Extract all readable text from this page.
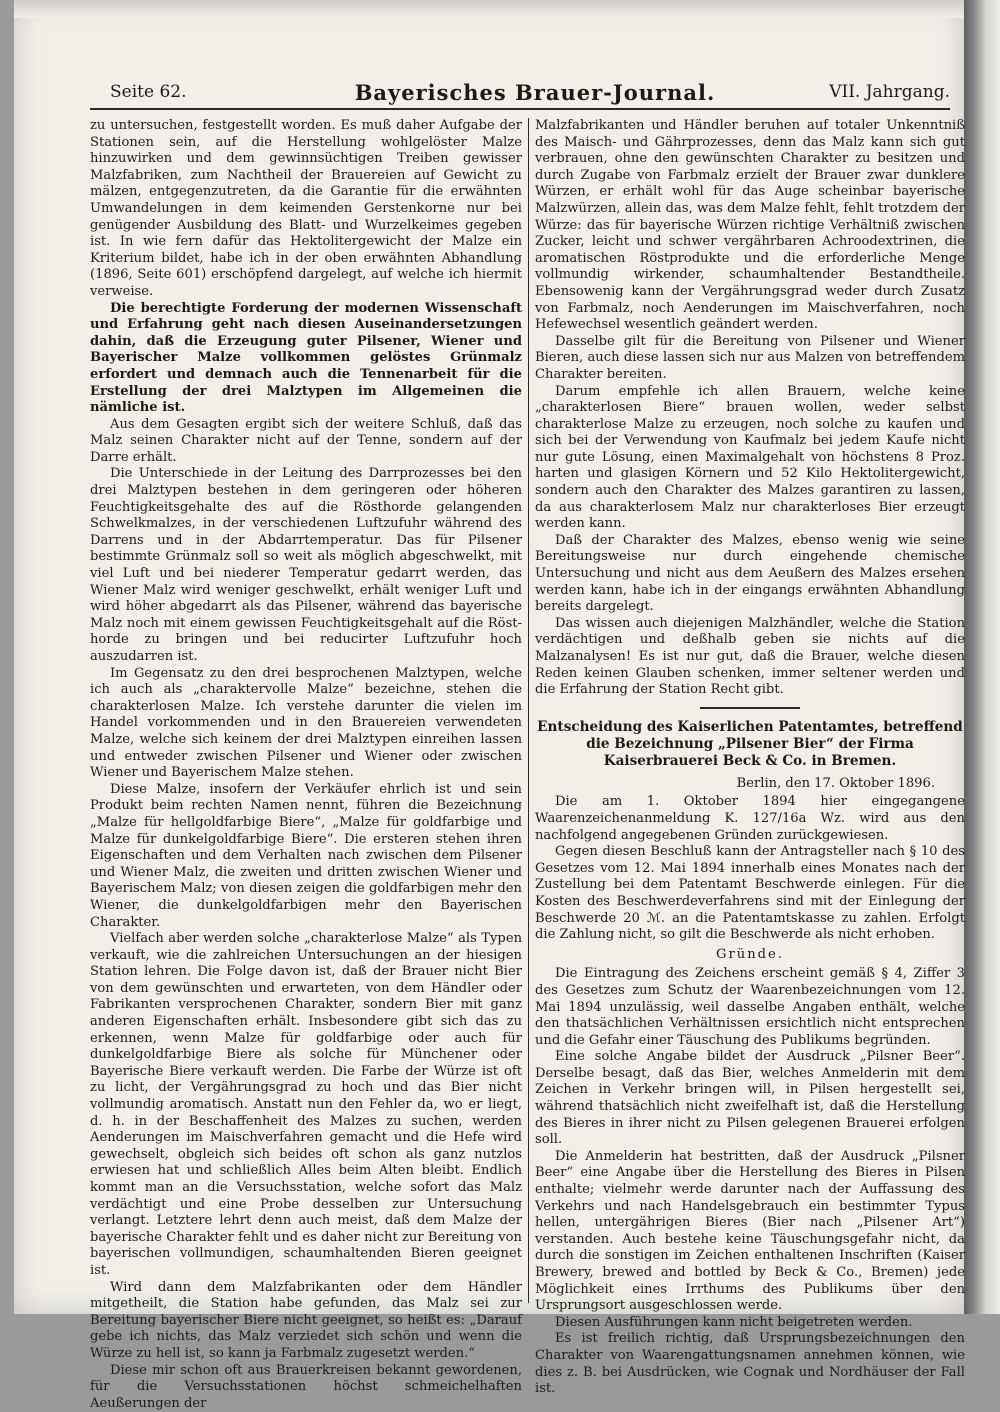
Seite 62.	Bayerisches Brauer-Journal.	VII. Jahrgang.

zu untersuchen, festgestellt worden. Es muß daher Aufgabe der Stationen sein, auf die Herstellung wohlgelöster Malze hinzuwirken und dem gewinnsüchtigen Treiben gewisser Malzfabriken, zum Nachtheil der Brauereien auf Gewicht zu mälzen, entgegenzutreten, da die Garantie für die erwähnten Umwandelungen in dem keimenden Gerstenkorne nur bei genügender Ausbildung des Blatt- und Wurzelkeimes gegeben ist. In wie fern dafür das Hektolitergewicht der Malze ein Kriterium bildet, habe ich in der oben erwähnten Abhandlung (1896, Seite 601) erschöpfend dargelegt, auf welche ich hiermit verweise.

Die berechtigte Forderung der modernen Wissenschaft und Erfahrung geht nach diesen Auseinandersetzungen dahin, daß die Erzeugung guter Pilsener, Wiener und Bayerischer Malze vollkommen gelöstes Grünmalz erfordert und demnach auch die Tennenarbeit für die Erstellung der drei Malztypen im Allgemeinen die nämliche ist.

Aus dem Gesagten ergibt sich der weitere Schluß, daß das Malz seinen Charakter nicht auf der Tenne, sondern auf der Darre erhält.

Die Unterschiede in der Leitung des Darrprozesses bei den drei Malztypen bestehen in dem geringeren oder höheren Feuchtigkeitsgehalte des auf die Rösthorde gelangenden Schwelkmalzes, in der verschiedenen Luftzufuhr während des Darrens und in der Abdarrtemperatur. Das für Pilsener bestimmte Grünmalz soll so weit als möglich abgeschwelkt, mit viel Luft und bei niederer Temperatur gedarrt werden, das Wiener Malz wird weniger geschwelkt, erhält weniger Luft und wird höher abgedarrt als das Pilsener, während das bayerische Malz noch mit einem gewissen Feuchtigkeitsgehalt auf die Rösthorde zu bringen und bei reducirter Luftzufuhr hoch auszudarren ist.

Im Gegensatz zu den drei besprochenen Malztypen, welche ich auch als „charaktervolle Malze“ bezeichne, stehen die charakterlosen Malze. Ich verstehe darunter die vielen im Handel vorkommenden und in den Brauereien verwendeten Malze, welche sich keinem der drei Malztypen einreihen lassen und entweder zwischen Pilsener und Wiener oder zwischen Wiener und Bayerischem Malze stehen.

Diese Malze, insofern der Verkäufer ehrlich ist und sein Produkt beim rechten Namen nennt, führen die Bezeichnung „Malze für hellgoldfarbige Biere“, „Malze für goldfarbige und Malze für dunkelgoldfarbige Biere“. Die ersteren stehen ihren Eigenschaften und dem Verhalten nach zwischen dem Pilsener und Wiener Malz, die zweiten und dritten zwischen Wiener und Bayerischem Malz; von diesen zeigen die goldfarbigen mehr den Wiener, die dunkelgoldfarbigen mehr den Bayerischen Charakter.

Vielfach aber werden solche „charakterlose Malze“ als Typen verkauft, wie die zahlreichen Untersuchungen an der hiesigen Station lehren. Die Folge davon ist, daß der Brauer nicht Bier von dem gewünschten und erwarteten, von dem Händler oder Fabrikanten versprochenen Charakter, sondern Bier mit ganz anderen Eigenschaften erhält. Insbesondere gibt sich das zu erkennen, wenn Malze für goldfarbige oder auch für dunkelgoldfarbige Biere als solche für Münchener oder Bayerische Biere verkauft werden. Die Farbe der Würze ist oft zu licht, der Vergährungsgrad zu hoch und das Bier nicht vollmundig aromatisch. Anstatt nun den Fehler da, wo er liegt, d. h. in der Beschaffenheit des Malzes zu suchen, werden Aenderungen im Maischverfahren gemacht und die Hefe wird gewechselt, obgleich sich beides oft schon als ganz nutzlos erwiesen hat und schließlich Alles beim Alten bleibt. Endlich kommt man an die Versuchsstation, welche sofort das Malz verdächtigt und eine Probe desselben zur Untersuchung verlangt. Letztere lehrt denn auch meist, daß dem Malze der bayerische Charakter fehlt und es daher nicht zur Bereitung von bayerischen vollmundigen, schaumhaltenden Bieren geeignet ist.

Wird dann dem Malzfabrikanten oder dem Händler mitgetheilt, die Station habe gefunden, das Malz sei zur Bereitung bayerischer Biere nicht geeignet, so heißt es: „Darauf gebe ich nichts, das Malz verziedet sich schön und wenn die Würze zu hell ist, so kann ja Farbmalz zugesetzt werden.“

Diese mir schon oft aus Brauerkreisen bekannt gewordenen, für die Versuchsstationen höchst schmeichelhaften Aeußerungen der

Malzfabrikanten und Händler beruhen auf totaler Unkenntniß des Maisch- und Gährprozesses, denn das Malz kann sich gut verbrauen, ohne den gewünschten Charakter zu besitzen und durch Zugabe von Farbmalz erzielt der Brauer zwar dunklere Würzen, er erhält wohl für das Auge scheinbar bayerische Malzwürzen, allein das, was dem Malze fehlt, fehlt trotzdem der Würze: das für bayerische Würzen richtige Verhältniß zwischen Zucker, leicht und schwer vergährbaren Achroodextrinen, die aromatischen Röstprodukte und die erforderliche Menge vollmundig wirkender, schaumhaltender Bestandtheile. Ebensowenig kann der Vergährungsgrad weder durch Zusatz von Farbmalz, noch Aenderungen im Maischverfahren, noch Hefewechsel wesentlich geändert werden.

Dasselbe gilt für die Bereitung von Pilsener und Wiener Bieren, auch diese lassen sich nur aus Malzen von betreffendem Charakter bereiten.

Darum empfehle ich allen Brauern, welche keine „charakterlosen Biere“ brauen wollen, weder selbst charakterlose Malze zu erzeugen, noch solche zu kaufen und sich bei der Verwendung von Kaufmalz bei jedem Kaufe nicht nur gute Lösung, einen Maximalgehalt von höchstens 8 Proz. harten und glasigen Körnern und 52 Kilo Hektolitergewicht, sondern auch den Charakter des Malzes garantiren zu lassen, da aus charakterlosem Malz nur charakterloses Bier erzeugt werden kann.

Daß der Charakter des Malzes, ebenso wenig wie seine Bereitungsweise nur durch eingehende chemische Untersuchung und nicht aus dem Aeußern des Malzes ersehen werden kann, habe ich in der eingangs erwähnten Abhandlung bereits dargelegt.

Das wissen auch diejenigen Malzhändler, welche die Station verdächtigen und deßhalb geben sie nichts auf die Malzanalysen! Es ist nur gut, daß die Brauer, welche diesen Reden keinen Glauben schenken, immer seltener werden und die Erfahrung der Station Recht gibt.

Entscheidung des Kaiserlichen Patentamtes, betreffend die Bezeichnung „Pilsener Bier“ der Firma Kaiserbrauerei Beck & Co. in Bremen.
Berlin, den 17. Oktober 1896.

Die am 1. Oktober 1894 hier eingegangene Waarenzeichenanmeldung K. 127/16a Wz. wird aus den nachfolgend angegebenen Gründen zurückgewiesen.

Gegen diesen Beschluß kann der Antragsteller nach § 10 des Gesetzes vom 12. Mai 1894 innerhalb eines Monates nach der Zustellung bei dem Patentamt Beschwerde einlegen. Für die Kosten des Beschwerdeverfahrens sind mit der Einlegung der Beschwerde 20 ℳ. an die Patentamtskasse zu zahlen. Erfolgt die Zahlung nicht, so gilt die Beschwerde als nicht erhoben.

Gründe.

Die Eintragung des Zeichens erscheint gemäß § 4, Ziffer 3 des Gesetzes zum Schutz der Waarenbezeichnungen vom 12. Mai 1894 unzulässig, weil dasselbe Angaben enthält, welche den thatsächlichen Verhältnissen ersichtlich nicht entsprechen und die Gefahr einer Täuschung des Publikums begründen.

Eine solche Angabe bildet der Ausdruck „Pilsner Beer“. Derselbe besagt, daß das Bier, welches Anmelderin mit dem Zeichen in Verkehr bringen will, in Pilsen hergestellt sei, während thatsächlich nicht zweifelhaft ist, daß die Herstellung des Bieres in ihrer nicht zu Pilsen gelegenen Brauerei erfolgen soll.

Die Anmelderin hat bestritten, daß der Ausdruck „Pilsner Beer“ eine Angabe über die Herstellung des Bieres in Pilsen enthalte; vielmehr werde darunter nach der Auffassung des Verkehrs und nach Handelsgebrauch ein bestimmter Typus hellen, untergährigen Bieres (Bier nach „Pilsener Art“) verstanden. Auch bestehe keine Täuschungsgefahr nicht, da durch die sonstigen im Zeichen enthaltenen Inschriften (Kaiser Brewery, brewed and bottled by Beck & Co., Bremen) jede Möglichkeit eines Irrthums des Publikums über den Ursprungsort ausgeschlossen werde.

Diesen Ausführungen kann nicht beigetreten werden.

Es ist freilich richtig, daß Ursprungsbezeichnungen den Charakter von Waarengattungsnamen annehmen können, wie dies z. B. bei Ausdrücken, wie Cognak und Nordhäuser der Fall ist.
